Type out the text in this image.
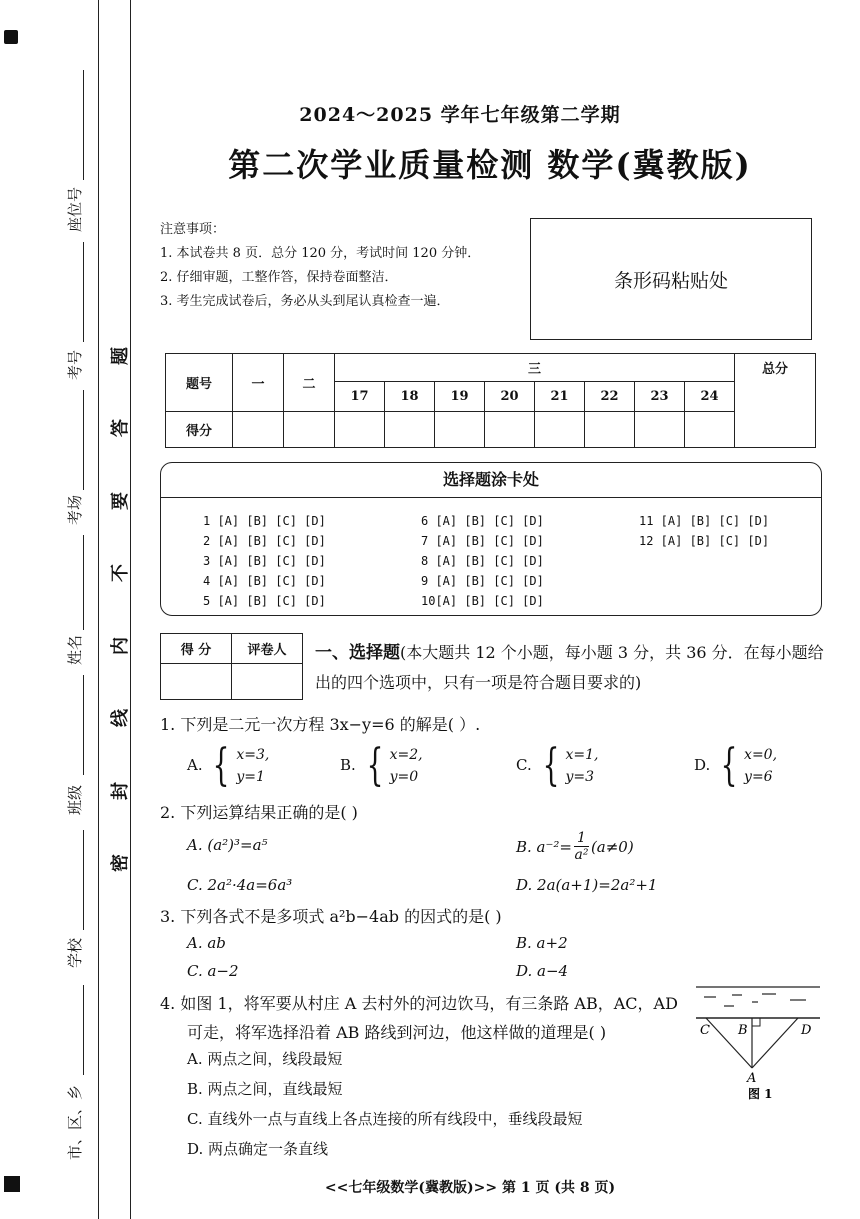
座位号
考号
考场
姓名
班级
学校
市、区、乡
题
答
要
不
内
线
封
密
2024～2025 学年七年级第二学期
第二次学业质量检测 数学(冀教版)
注意事项：
1. 本试卷共 8 页．总分 120 分，考试时间 120 分钟．
2. 仔细审题，工整作答，保持卷面整洁．
3. 考生完成试卷后，务必从头到尾认真检查一遍．
条形码粘贴处
题号	一	二	三								总分
			17	18	19	20	21	22	23	24	
得分											
选择题涂卡处
1 [A] [B] [C] [D]
2 [A] [B] [C] [D]
3 [A] [B] [C] [D]
4 [A] [B] [C] [D]
5 [A] [B] [C] [D]
6 [A] [B] [C] [D]
7 [A] [B] [C] [D]
8 [A] [B] [C] [D]
9 [A] [B] [C] [D]
10[A] [B] [C] [D]
11 [A] [B] [C] [D]
12 [A] [B] [C] [D]
得 分	评卷人
	一、选择题(本大题共 12 个小题，每小题 3 分，共 36 分．在每小题给出的四个选项中，只有一项是符合题目要求的)
1. 下列是二元一次方程 3x−y=6 的解是( ）.
A. { x=3,
y=1
B. { x=2,
y=0
C. { x=1,
y=3
D. { x=0,
y=6
2. 下列运算结果正确的是( )
A. (a²)³=a⁵	B. $a^{-2}= \frac{1}{\text{a²}} (a\ne 0)$
C. 2a²·4a=6a³	D. 2a(a+1)=2a²+1
3. 下列各式不是多项式 a²b−4ab 的因式的是( )
A. ab	B. a+2
C. a−2	D. a−4
4. 如图 1，将军要从村庄 A 去村外的河边饮马，有三条路 AB，AC，AD
可走，将军选择沿着 AB 路线到河边，他这样做的道理是( )
A. 两点之间，线段最短
B. 两点之间，直线最短
C. 直线外一点与直线上各点连接的所有线段中，垂线段最短
D. 两点确定一条直线
C B	D
A
图 1
<<七年级数学(冀教版)>> 第 1 页 (共 8 页)
